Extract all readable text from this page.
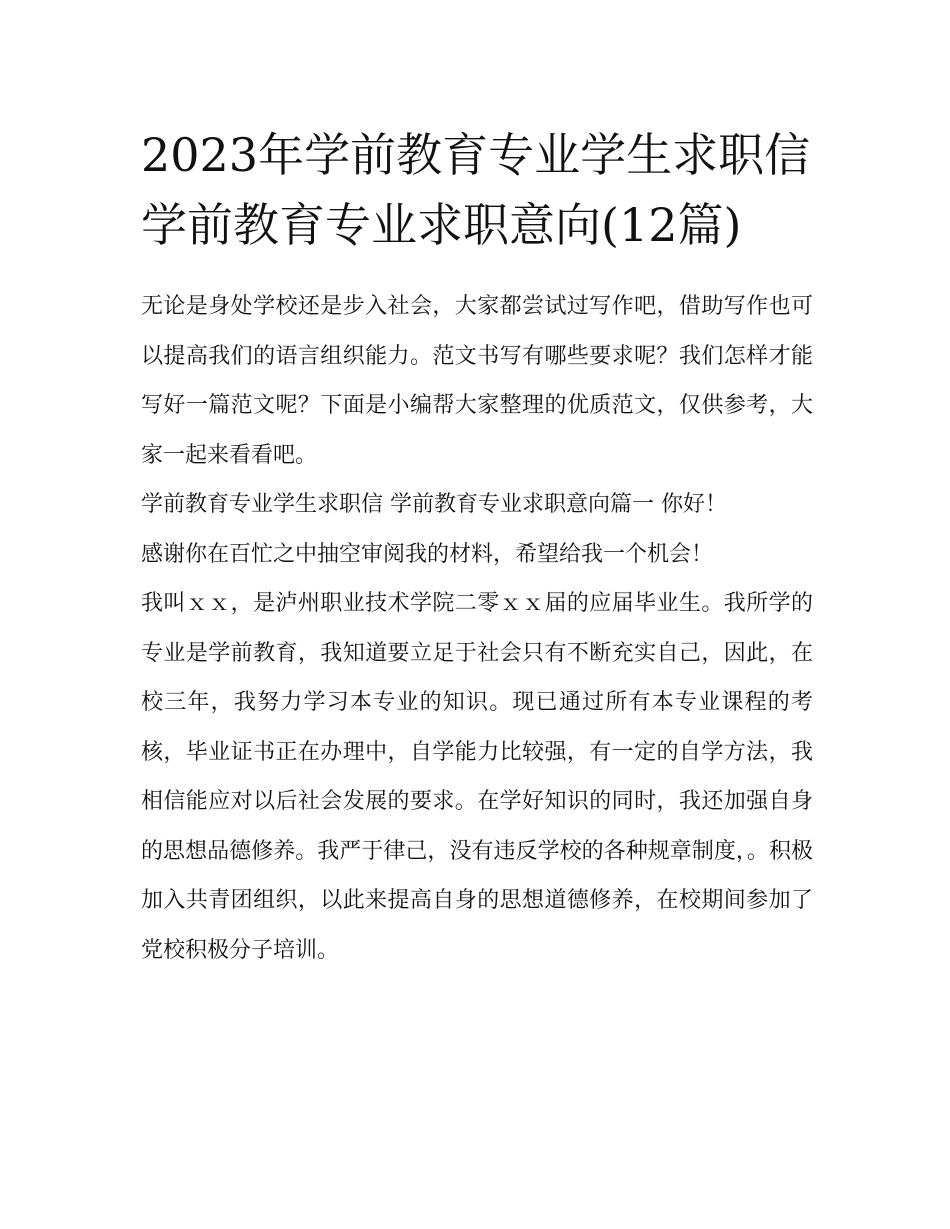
2023年学前教育专业学生求职信 学前教育专业求职意向(12篇)

无论是身处学校还是步入社会，大家都尝试过写作吧，借助写作也可以提高我们的语言组织能力。范文书写有哪些要求呢？我们怎样才能写好一篇范文呢？下面是小编帮大家整理的优质范文，仅供参考，大家一起来看看吧。

学前教育专业学生求职信 学前教育专业求职意向篇一 你好！

感谢你在百忙之中抽空审阅我的材料，希望给我一个机会！

我叫ｘｘ，是泸州职业技术学院二零ｘｘ届的应届毕业生。我所学的专业是学前教育，我知道要立足于社会只有不断充实自己，因此，在校三年，我努力学习本专业的知识。现已通过所有本专业课程的考核，毕业证书正在办理中，自学能力比较强，有一定的自学方法，我相信能应对以后社会发展的要求。在学好知识的同时，我还加强自身的思想品德修养。我严于律己，没有违反学校的各种规章制度，。积极加入共青团组织，以此来提高自身的思想道德修养，在校期间参加了党校积极分子培训。
